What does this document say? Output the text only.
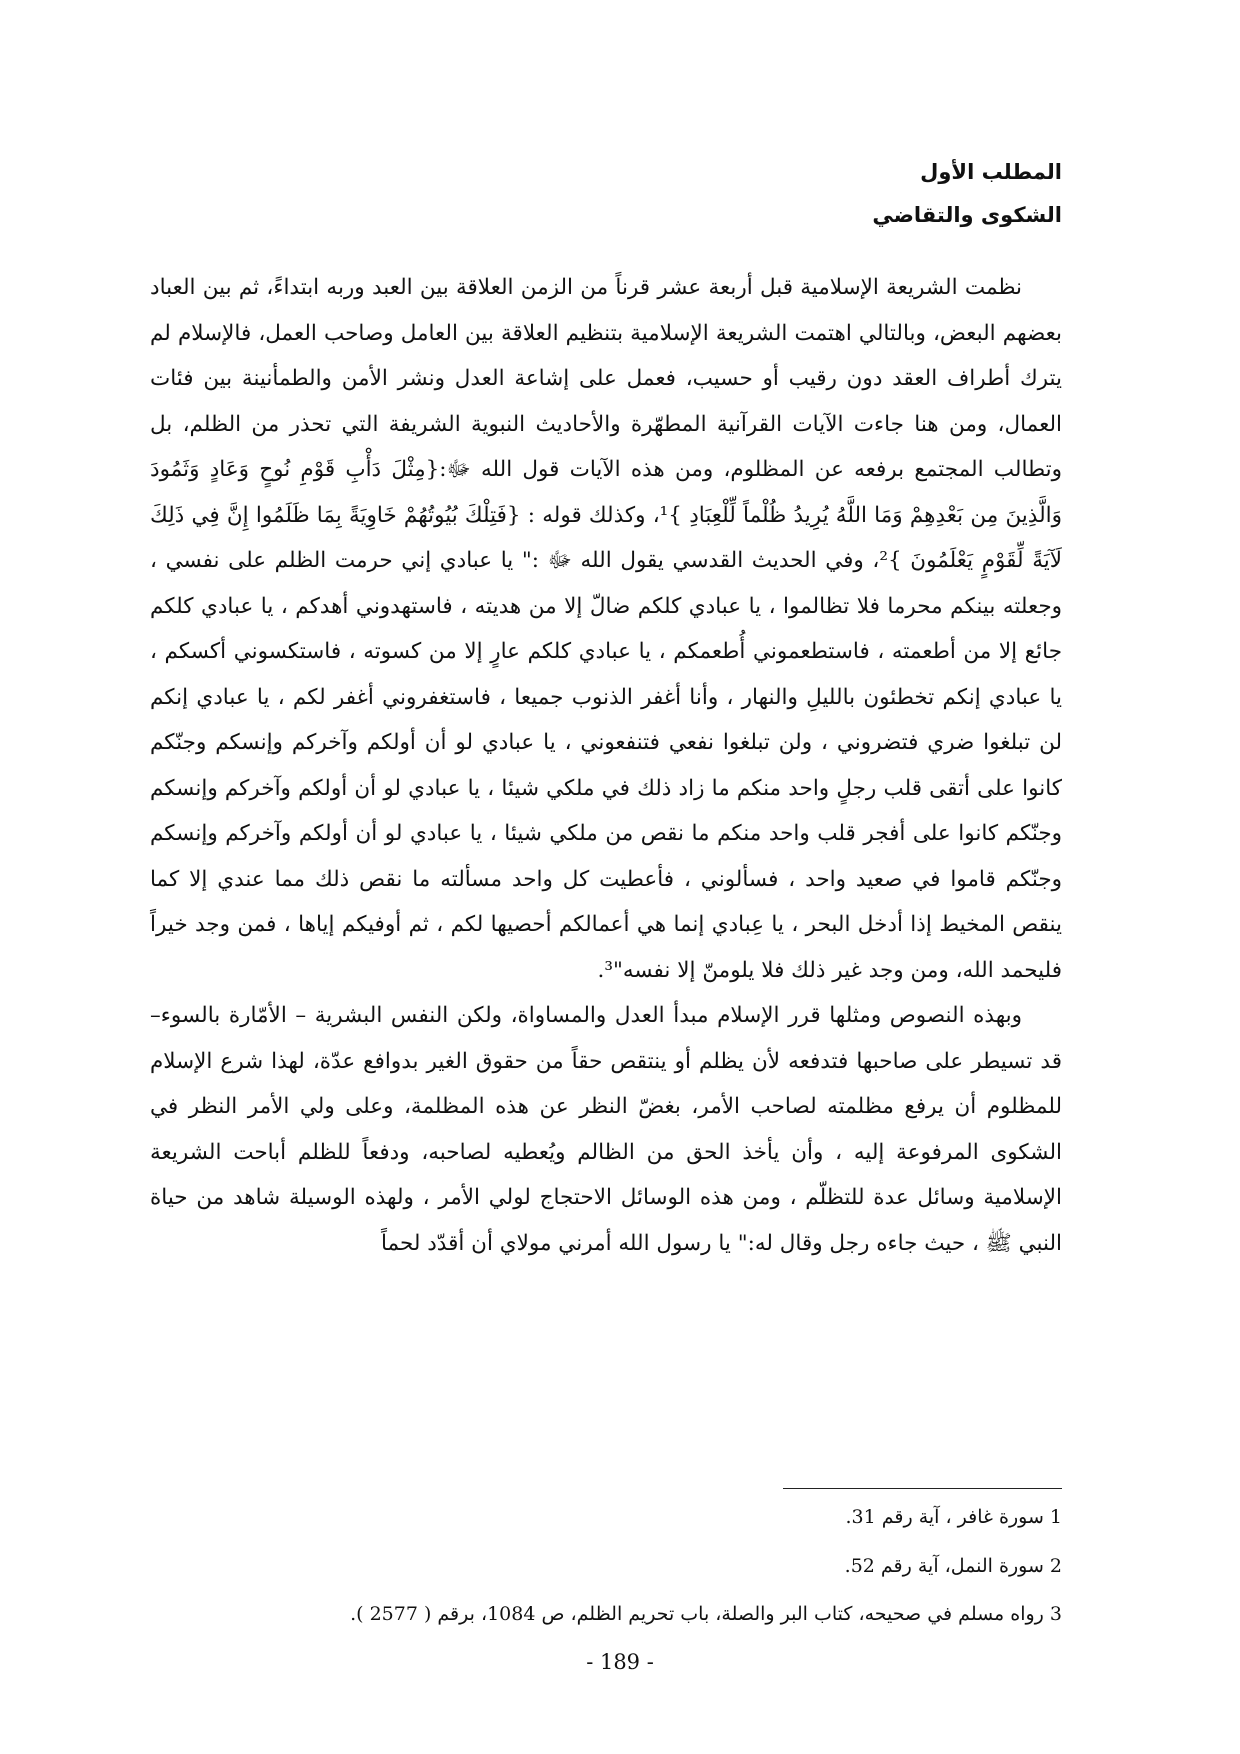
المطلب الأول
الشكوى والتقاضي

نظمت الشريعة الإسلامية قبل أربعة عشر قرناً من الزمن العلاقة بين العبد وربه ابتداءً، ثم بين العباد بعضهم البعض، وبالتالي اهتمت الشريعة الإسلامية بتنظيم العلاقة بين العامل وصاحب العمل، فالإسلام لم يترك أطراف العقد دون رقيب أو حسيب، فعمل على إشاعة العدل ونشر الأمن والطمأنينة بين فئات العمال، ومن هنا جاءت الآيات القرآنية المطهّرة والأحاديث النبوية الشريفة التي تحذر من الظلم، بل وتطالب المجتمع برفعه عن المظلوم، ومن هذه الآيات قول الله ﷻ:{مِثْلَ دَأْبِ قَوْمِ نُوحٍ وَعَادٍ وَثَمُودَ وَالَّذِينَ مِن بَعْدِهِمْ وَمَا اللَّهُ يُرِيدُ ظُلْماً لِّلْعِبَادِ }¹، وكذلك قوله : {فَتِلْكَ بُيُوتُهُمْ خَاوِيَةً بِمَا ظَلَمُوا إِنَّ فِي ذَلِكَ لَآيَةً لِّقَوْمٍ يَعْلَمُونَ }²، وفي الحديث القدسي يقول الله ﷻ :" يا عبادي إني حرمت الظلم على نفسي ، وجعلته بينكم محرما فلا تظالموا ، يا عبادي كلكم ضالّ إلا من هديته ، فاستهدوني أهدكم ، يا عبادي كلكم جائع إلا من أطعمته ، فاستطعموني أُطعمكم ، يا عبادي كلكم عارٍ إلا من كسوته ، فاستكسوني أكسكم ، يا عبادي إنكم تخطئون بالليلِ والنهار ، وأنا أغفر الذنوب جميعا ، فاستغفروني أغفر لكم ، يا عبادي إنكم لن تبلغوا ضري فتضروني ، ولن تبلغوا نفعي فتنفعوني ، يا عبادي لو أن أولكم وآخركم وإنسكم وجنّكم كانوا على أتقى قلب رجلٍ واحد منكم ما زاد ذلك في ملكي شيئا ، يا عبادي لو أن أولكم وآخركم وإنسكم وجنّكم كانوا على أفجر قلب واحد منكم ما نقص من ملكي شيئا ، يا عبادي لو أن أولكم وآخركم وإنسكم وجنّكم قاموا في صعيد واحد ، فسألوني ، فأعطيت كل واحد مسألته ما نقص ذلك مما عندي إلا كما ينقص المخيط إذا أدخل البحر ، يا عِبادي إنما هي أعمالكم أحصيها لكم ، ثم أوفيكم إياها ، فمن وجد خيراً فليحمد الله، ومن وجد غير ذلك فلا يلومنّ إلا نفسه"³.

وبهذه النصوص ومثلها قرر الإسلام مبدأ العدل والمساواة، ولكن النفس البشرية – الأمّارة بالسوء– قد تسيطر على صاحبها فتدفعه لأن يظلم أو ينتقص حقاً من حقوق الغير بدوافع عدّة، لهذا شرع الإسلام للمظلوم أن يرفع مظلمته لصاحب الأمر، بغضّ النظر عن هذه المظلمة، وعلى ولي الأمر النظر في الشكوى المرفوعة إليه ، وأن يأخذ الحق من الظالم ويُعطيه لصاحبه، ودفعاً للظلم أباحت الشريعة الإسلامية وسائل عدة للتظلّم ، ومن هذه الوسائل الاحتجاج لولي الأمر ، ولهذه الوسيلة شاهد من حياة النبي ﷺ ، حيث جاءه رجل وقال له:" يا رسول الله أمرني مولاي أن أقدّد لحماً

1 سورة غافر ، آية رقم 31.
2 سورة النمل، آية رقم 52.
3 رواه مسلم في صحيحه، كتاب البر والصلة، باب تحريم الظلم، ص 1084، برقم ( 2577 ).
- 189 -
